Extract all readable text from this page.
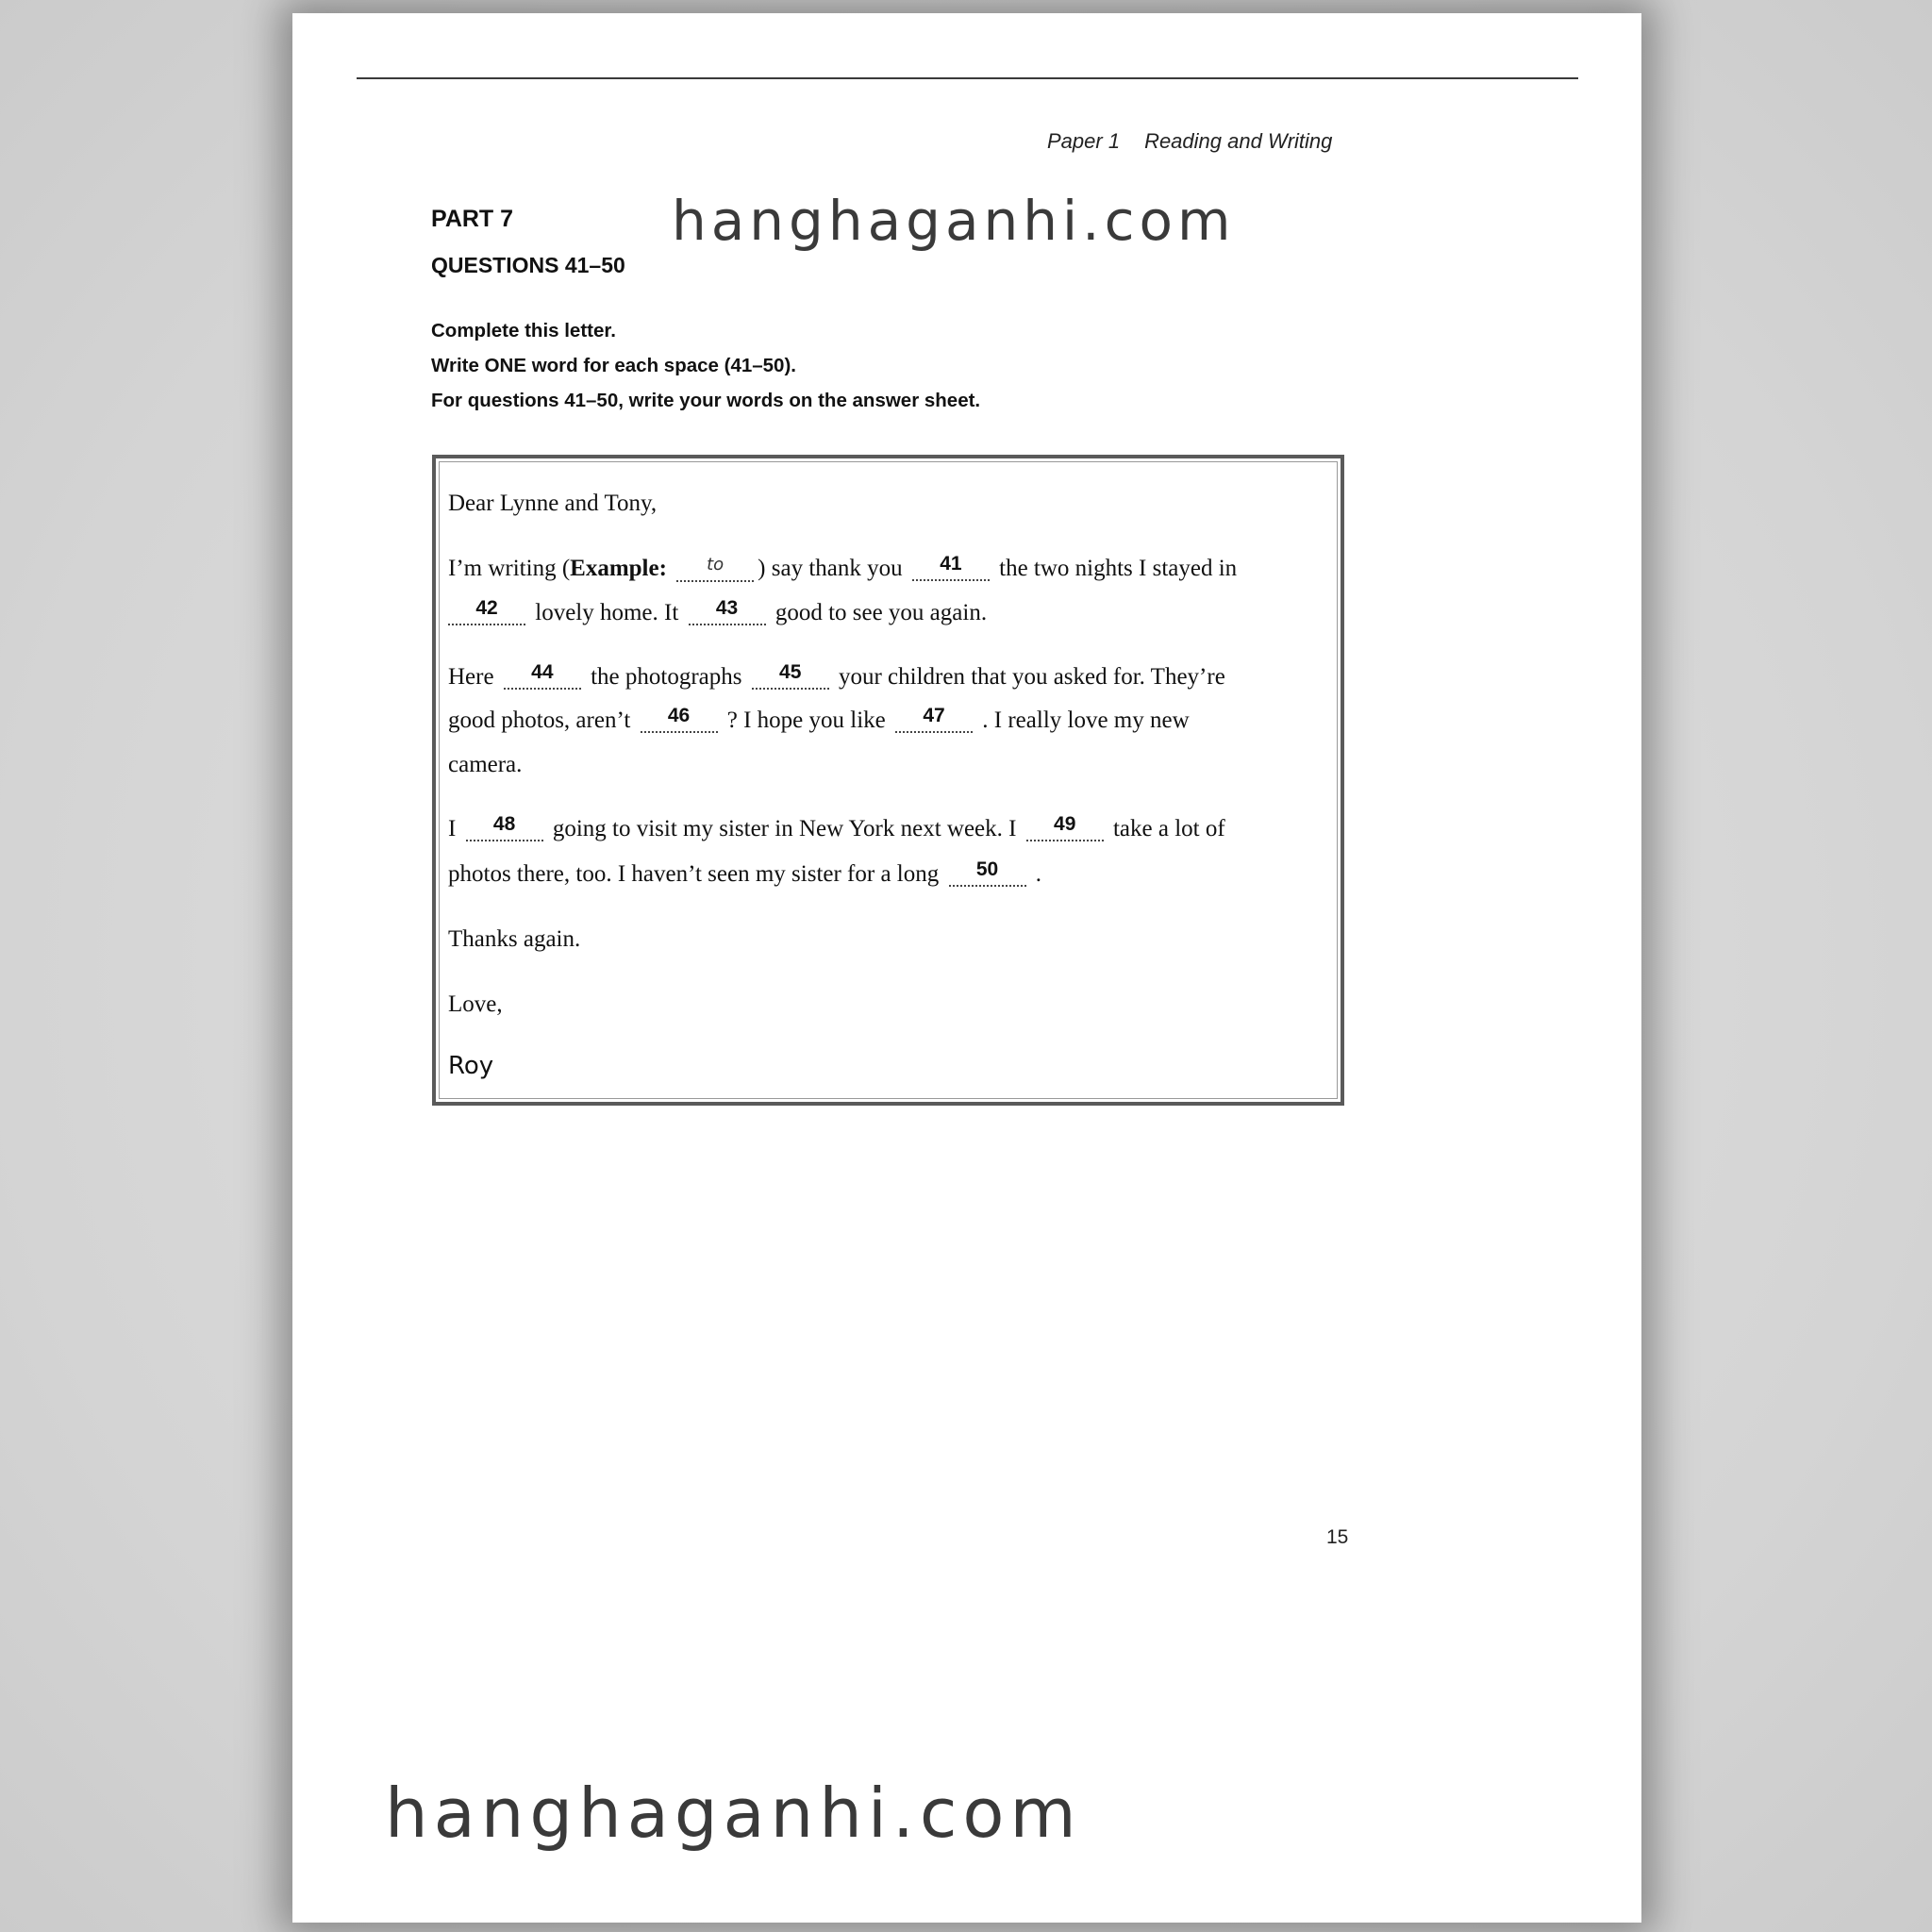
Paper 1 Reading and Writing
PART 7
QUESTIONS 41–50
Complete this letter.
Write ONE word for each space (41–50).
For questions 41–50, write your words on the answer sheet.

Dear Lynne and Tony,

I’m writing (Example: to ) say thank you 41 the two nights I stayed in

42 lovely home. It 43 good to see you again.

Here 44 the photographs 45 your children that you asked for. They’re

good photos, aren’t 46 ? I hope you like 47 . I really love my new

camera.

I 48 going to visit my sister in New York next week. I 49 take a lot of

photos there, too. I haven’t seen my sister for a long 50 .

Thanks again.

Love,

Roy

15
hanghaganhi.com
hanghaganhi.com
